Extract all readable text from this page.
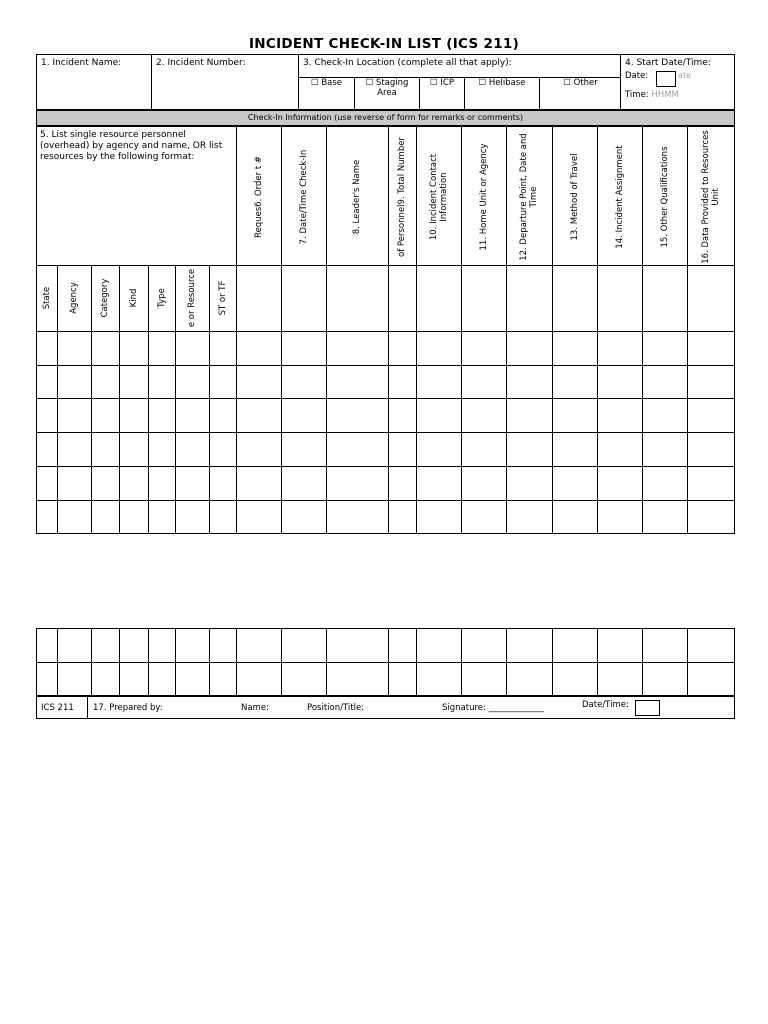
INCIDENT CHECK-IN LIST (ICS 211)
1. Incident Name:	2. Incident Number:	3. Check-In Location (complete all that apply):
☐ Base	☐ Staging
Area
☐ ICP	☐ Helibase	☐ Other
4. Start Date/Time:
Date:	ate
Time: HHMM
Check-In Information (use reverse of form for remarks or comments)
5. List single resource personnel (overhead) by agency and name, OR list resources by the following format:	Reques6. Order t #	7. Date/Time Check-In	8. Leader's Name	of Personnel9. Total Number	10. Incident Contact Information	11. Home Unit or Agency	12. Departure Point, Date and Time	13. Method of Travel	14. Incident Assignment	15. Other Qualifications	16. Data Provided to Resources Unit
State	Agency	Category	Kind	Type	e or Resource	ST or TF
ICS 211 17. Prepared by:	Name:	Position/Title:	Signature: _____________	Date/Time:
